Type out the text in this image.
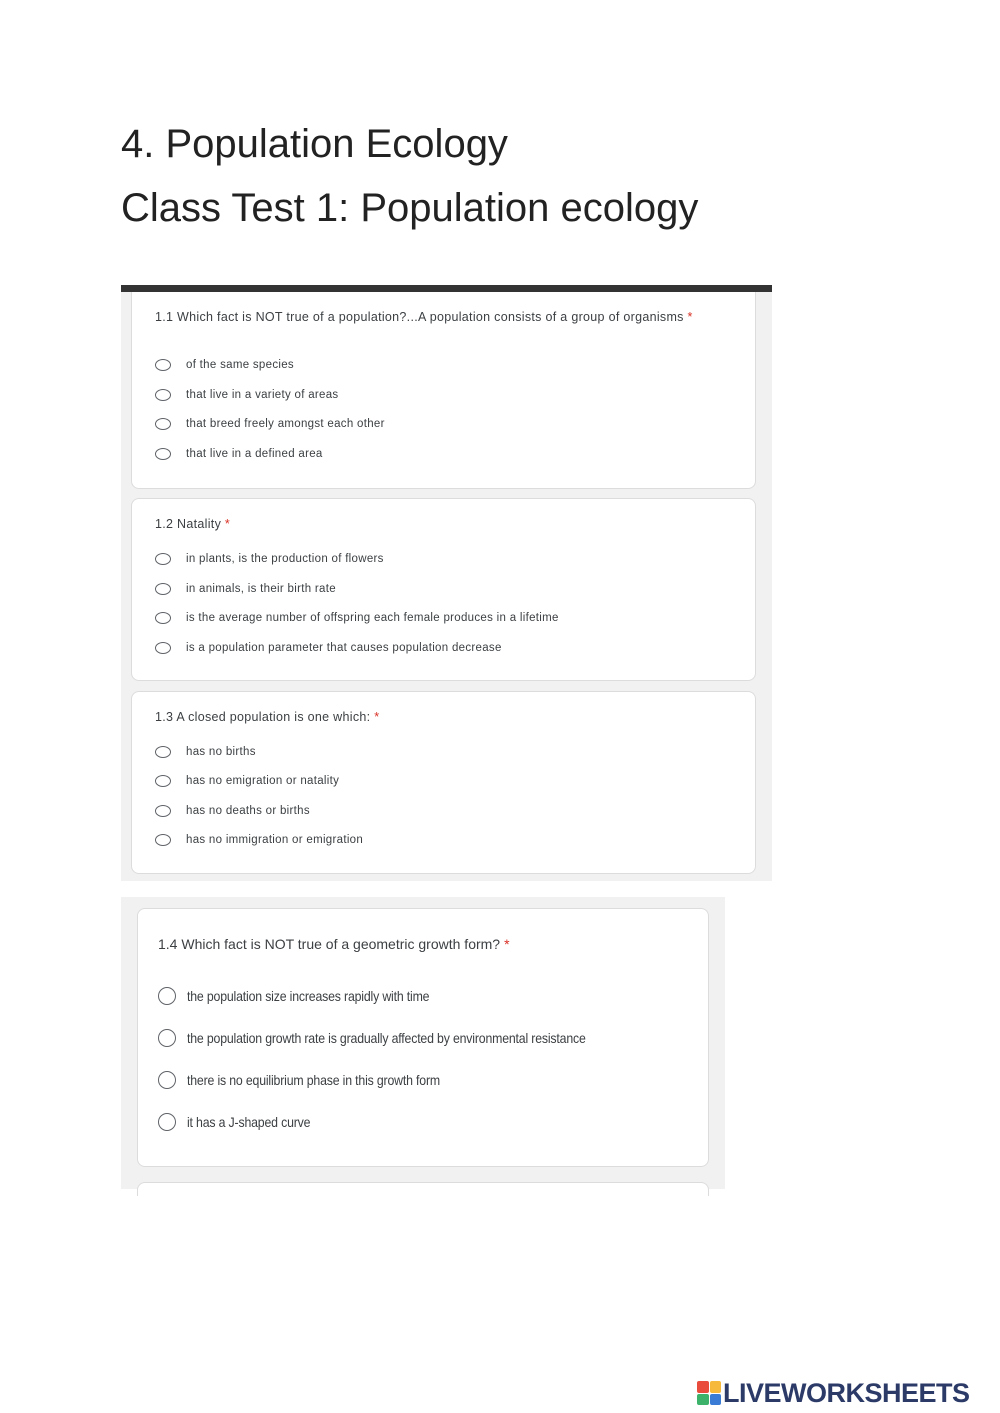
4. Population Ecology
Class Test 1: Population ecology
1.1 Which fact is NOT true of a population?...A population consists of a group of organisms *
of the same species
that live in a variety of areas
that breed freely amongst each other
that live in a defined area
1.2 Natality *
in plants, is the production of flowers
in animals, is their birth rate
is the average number of offspring each female produces in a lifetime
is a population parameter that causes population decrease
1.3 A closed population is one which: *
has no births
has no emigration or natality
has no deaths or births
has no immigration or emigration
1.4 Which fact is NOT true of a geometric growth form? *
the population size increases rapidly with time
the population growth rate is gradually affected by environmental resistance
there is no equilibrium phase in this growth form
it has a J-shaped curve
LIVEWORKSHEETS
